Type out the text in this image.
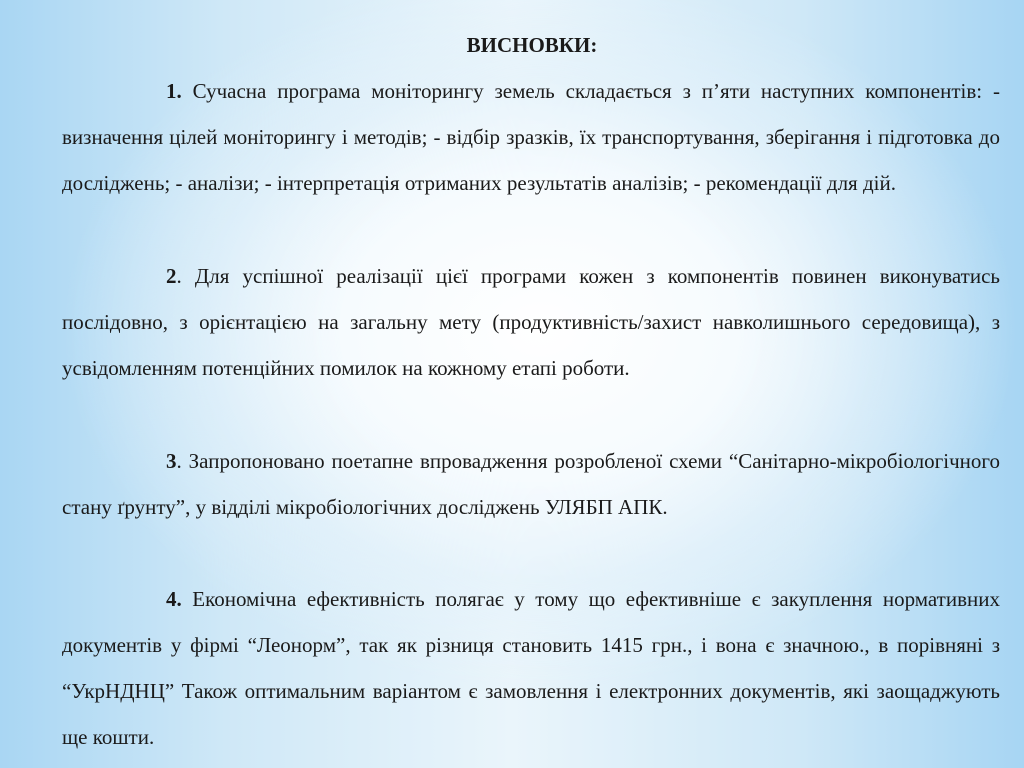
ВИСНОВКИ:

1. Сучасна програма моніторингу земель складається з п’яти наступних компонентів: - визначення цілей моніторингу і методів; - відбір зразків, їх транспортування, зберігання і підготовка до досліджень; - аналізи; - інтерпретація отриманих результатів аналізів; - рекомендації для дій.

2. Для успішної реалізації цієї програми кожен з компонентів повинен виконуватись послідовно, з орієнтацією на загальну мету (продуктивність/захист навколишнього середовища), з усвідомленням потенційних помилок на кожному етапі роботи.

3. Запропоновано поетапне впровадження розробленої схеми “Санітарно-мікробіологічного стану ґрунту”, у відділі мікробіологічних досліджень УЛЯБП АПК.

4. Економічна ефективність полягає у тому що ефективніше є закуплення нормативних документів у фірмі “Леонорм”, так як різниця становить 1415 грн., і вона є значною., в порівняні з “УкрНДНЦ” Також оптимальним варіантом є замовлення і електронних документів, які заощаджують ще кошти.
